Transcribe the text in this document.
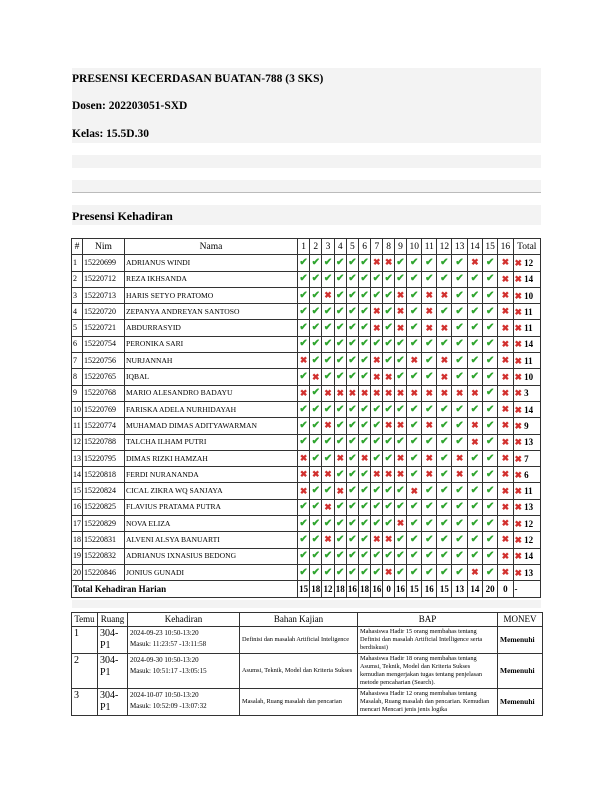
PRESENSI KECERDASAN BUATAN-788 (3 SKS)
Dosen: 202203051-SXD
Kelas: 15.5D.30
Presensi Kehadiran
#	Nim	Nama	1	2	3	4	5	6	7	8	9	10	11	12	13	14	15	16	Total
1	15220699	ADRIANUS WINDI	✔	✔	✔	✔	✔	✔	✖	✖	✔	✔	✔	✔	✔	✖	✔	✖	✖ 12
2	15220712	REZA IKHSANDA	✔	✔	✔	✔	✔	✔	✔	✔	✔	✔	✔	✔	✔	✔	✔	✖	✖ 14
3	15220713	HARIS SETYO PRATOMO	✔	✔	✖	✔	✔	✔	✔	✔	✖	✔	✖	✖	✔	✔	✔	✖	✖ 10
4	15220720	ZEPANYA ANDREYAN SANTOSO	✔	✔	✔	✔	✔	✔	✖	✔	✖	✔	✖	✔	✔	✔	✔	✖	✖ 11
5	15220721	ABDURRASYID	✔	✔	✔	✔	✔	✔	✖	✔	✖	✔	✖	✖	✔	✔	✔	✖	✖ 11
6	15220754	PERONIKA SARI	✔	✔	✔	✔	✔	✔	✔	✔	✔	✔	✔	✔	✔	✔	✔	✖	✖ 14
7	15220756	NURJANNAH	✖	✔	✔	✔	✔	✔	✖	✔	✔	✖	✔	✖	✔	✔	✔	✖	✖ 11
8	15220765	IQBAL	✔	✖	✔	✔	✔	✔	✖	✖	✔	✔	✔	✖	✔	✔	✔	✖	✖ 10
9	15220768	MARIO ALESANDRO BADAYU	✖	✔	✖	✖	✖	✖	✖	✖	✖	✖	✖	✖	✖	✖	✔	✖	✖ 3
10	15220769	FARISKA ADELA NURHIDAYAH	✔	✔	✔	✔	✔	✔	✔	✔	✔	✔	✔	✔	✔	✔	✔	✖	✖ 14
11	15220774	MUHAMAD DIMAS ADITYAWARMAN	✔	✔	✖	✔	✔	✔	✔	✖	✖	✔	✖	✔	✔	✖	✔	✖	✖ 9
12	15220788	TALCHA ILHAM PUTRI	✔	✔	✔	✔	✔	✔	✔	✔	✔	✔	✔	✔	✔	✖	✔	✖	✖ 13
13	15220795	DIMAS RIZKI HAMZAH	✖	✔	✔	✖	✔	✖	✔	✔	✖	✔	✖	✔	✖	✔	✔	✖	✖ 7
14	15220818	FERDI NURANANDA	✖	✖	✖	✔	✔	✔	✖	✖	✖	✔	✖	✔	✖	✔	✔	✖	✖ 6
15	15220824	CICAL ZIKRA WQ SANJAYA	✖	✔	✔	✖	✔	✔	✔	✔	✔	✖	✔	✔	✔	✔	✔	✖	✖ 11
16	15220825	FLAVIUS PRATAMA PUTRA	✔	✔	✖	✔	✔	✔	✔	✔	✔	✔	✔	✔	✔	✔	✔	✖	✖ 13
17	15220829	NOVA ELIZA	✔	✔	✔	✔	✔	✔	✔	✔	✖	✔	✔	✔	✔	✔	✔	✖	✖ 12
18	15220831	ALVENI ALSYA BANUARTI	✔	✔	✖	✔	✔	✔	✖	✖	✔	✔	✔	✔	✔	✔	✔	✖	✖ 12
19	15220832	ADRIANUS IXNASIUS BEDONG	✔	✔	✔	✔	✔	✔	✔	✔	✔	✔	✔	✔	✔	✔	✔	✖	✖ 14
20	15220846	JONIUS GUNADI	✔	✔	✔	✔	✔	✔	✔	✖	✔	✔	✔	✔	✔	✖	✔	✖	✖ 13
Total Kehadiran Harian			15	18	12	18	16	18	16	0	16	15	16	15	13	14	20	0	-
Temu	Ruang	Kehadiran	Bahan Kajian	BAP	MONEV
1	304-P1	2024-09-23 10:50-13:20
Masuk: 11:23:57 -13:11:58	Definisi dan masalah Artificial Inteligence	Mahasiswa Hadir 15 orang membahas tentang Definisi dan masalah Artificial Intelligence serta berdiskusi)	Memenuhi
2	304-P1	2024-09-30 10:50-13:20
Masuk: 10:51:17 -13:05:15	Asumsi, Teknik, Model dan Kriteria Sukses	Mahasiswa Hadir 18 orang membahas tentang Asumsi, Teknik, Model dan Kriteria Sukses kemudian mengerjakan tugas tentang penjelasan metode pencaharian (Search).	Memenuhi
3	304-P1	2024-10-07 10:50-13:20
Masuk: 10:52:09 -13:07:32	Masalah, Ruang masalah dan pencarian	Mahasiswa Hadir 12 orang membahas tentang Masalah, Ruang masalah dan pencarian. Kemudian mencari Mencari jenis jenis logika	Memenuhi
